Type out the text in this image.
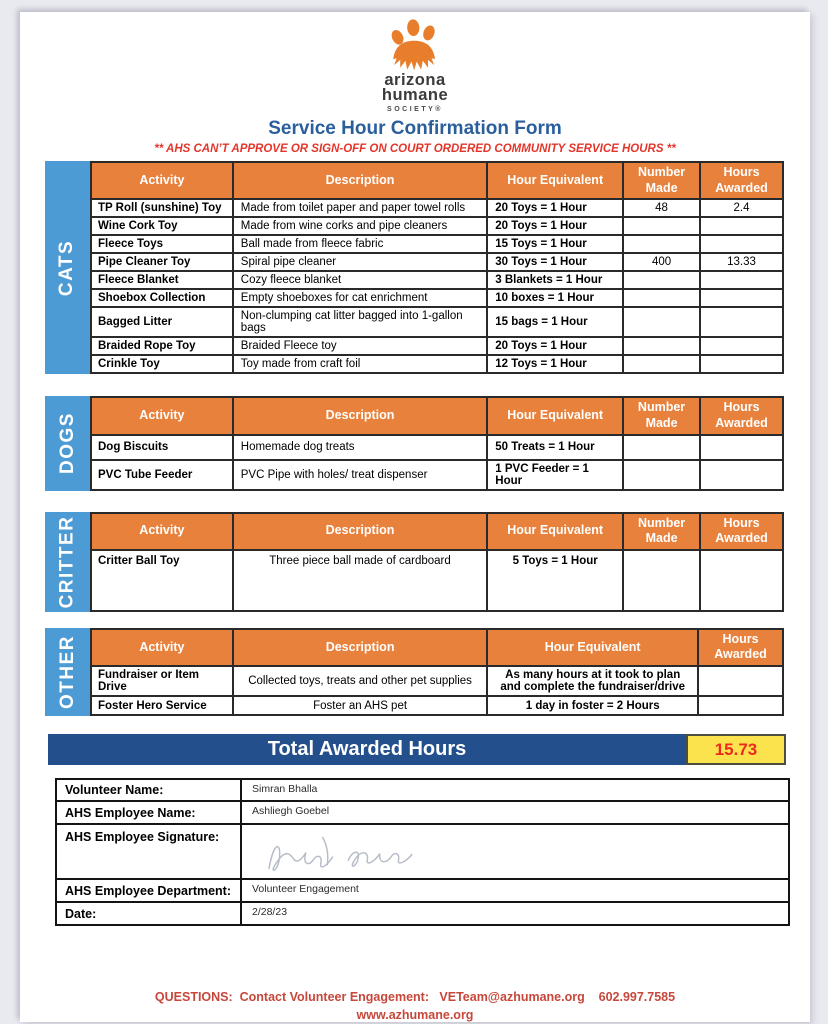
arizona
humane
SOCIETY®
Service Hour Confirmation Form
** AHS CAN’T APPROVE OR SIGN-OFF ON COURT ORDERED COMMUNITY SERVICE HOURS **
CATS
Activity	Description	Hour Equivalent	Number Made	Hours Awarded
TP Roll (sunshine) Toy	Made from toilet paper and paper towel rolls	20 Toys = 1 Hour	48	2.4
Wine Cork Toy	Made from wine corks and pipe cleaners	20 Toys = 1 Hour		
Fleece Toys	Ball made from fleece fabric	15 Toys = 1 Hour		
Pipe Cleaner Toy	Spiral pipe cleaner	30 Toys = 1 Hour	400	13.33
Fleece Blanket	Cozy fleece blanket	3 Blankets = 1 Hour		
Shoebox Collection	Empty shoeboxes for cat enrichment	10 boxes = 1 Hour		
Bagged Litter	Non-clumping cat litter bagged into 1-gallon bags	15 bags = 1 Hour		
Braided Rope Toy	Braided Fleece toy	20 Toys = 1 Hour		
Crinkle Toy	Toy made from craft foil	12 Toys = 1 Hour		
DOGS	Activity	Description	Hour Equivalent	Number Made	Hours Awarded
Dog Biscuits	Homemade dog treats	50 Treats = 1 Hour		
PVC Tube Feeder	PVC Pipe with holes/ treat dispenser	1 PVC Feeder = 1 Hour		
CRITTER	Activity	Description	Hour Equivalent	Number Made	Hours Awarded
Critter Ball Toy	Three piece ball made of cardboard	5 Toys = 1 Hour		
OTHER	Activity	Description	Hour Equivalent	Hours Awarded
Fundraiser or Item Drive	Collected toys, treats and other pet supplies	As many hours at it took to plan and complete the fundraiser/drive	
Foster Hero Service	Foster an AHS pet	1 day in foster = 2 Hours	
Total Awarded Hours	15.73
Volunteer Name:	Simran Bhalla
AHS Employee Name:	Ashliegh Goebel
AHS Employee Signature:	
AHS Employee Department:	Volunteer Engagement
Date:	2/28/23
QUESTIONS:  Contact Volunteer Engagement:   VETeam@azhumane.org    602.997.7585
www.azhumane.org
